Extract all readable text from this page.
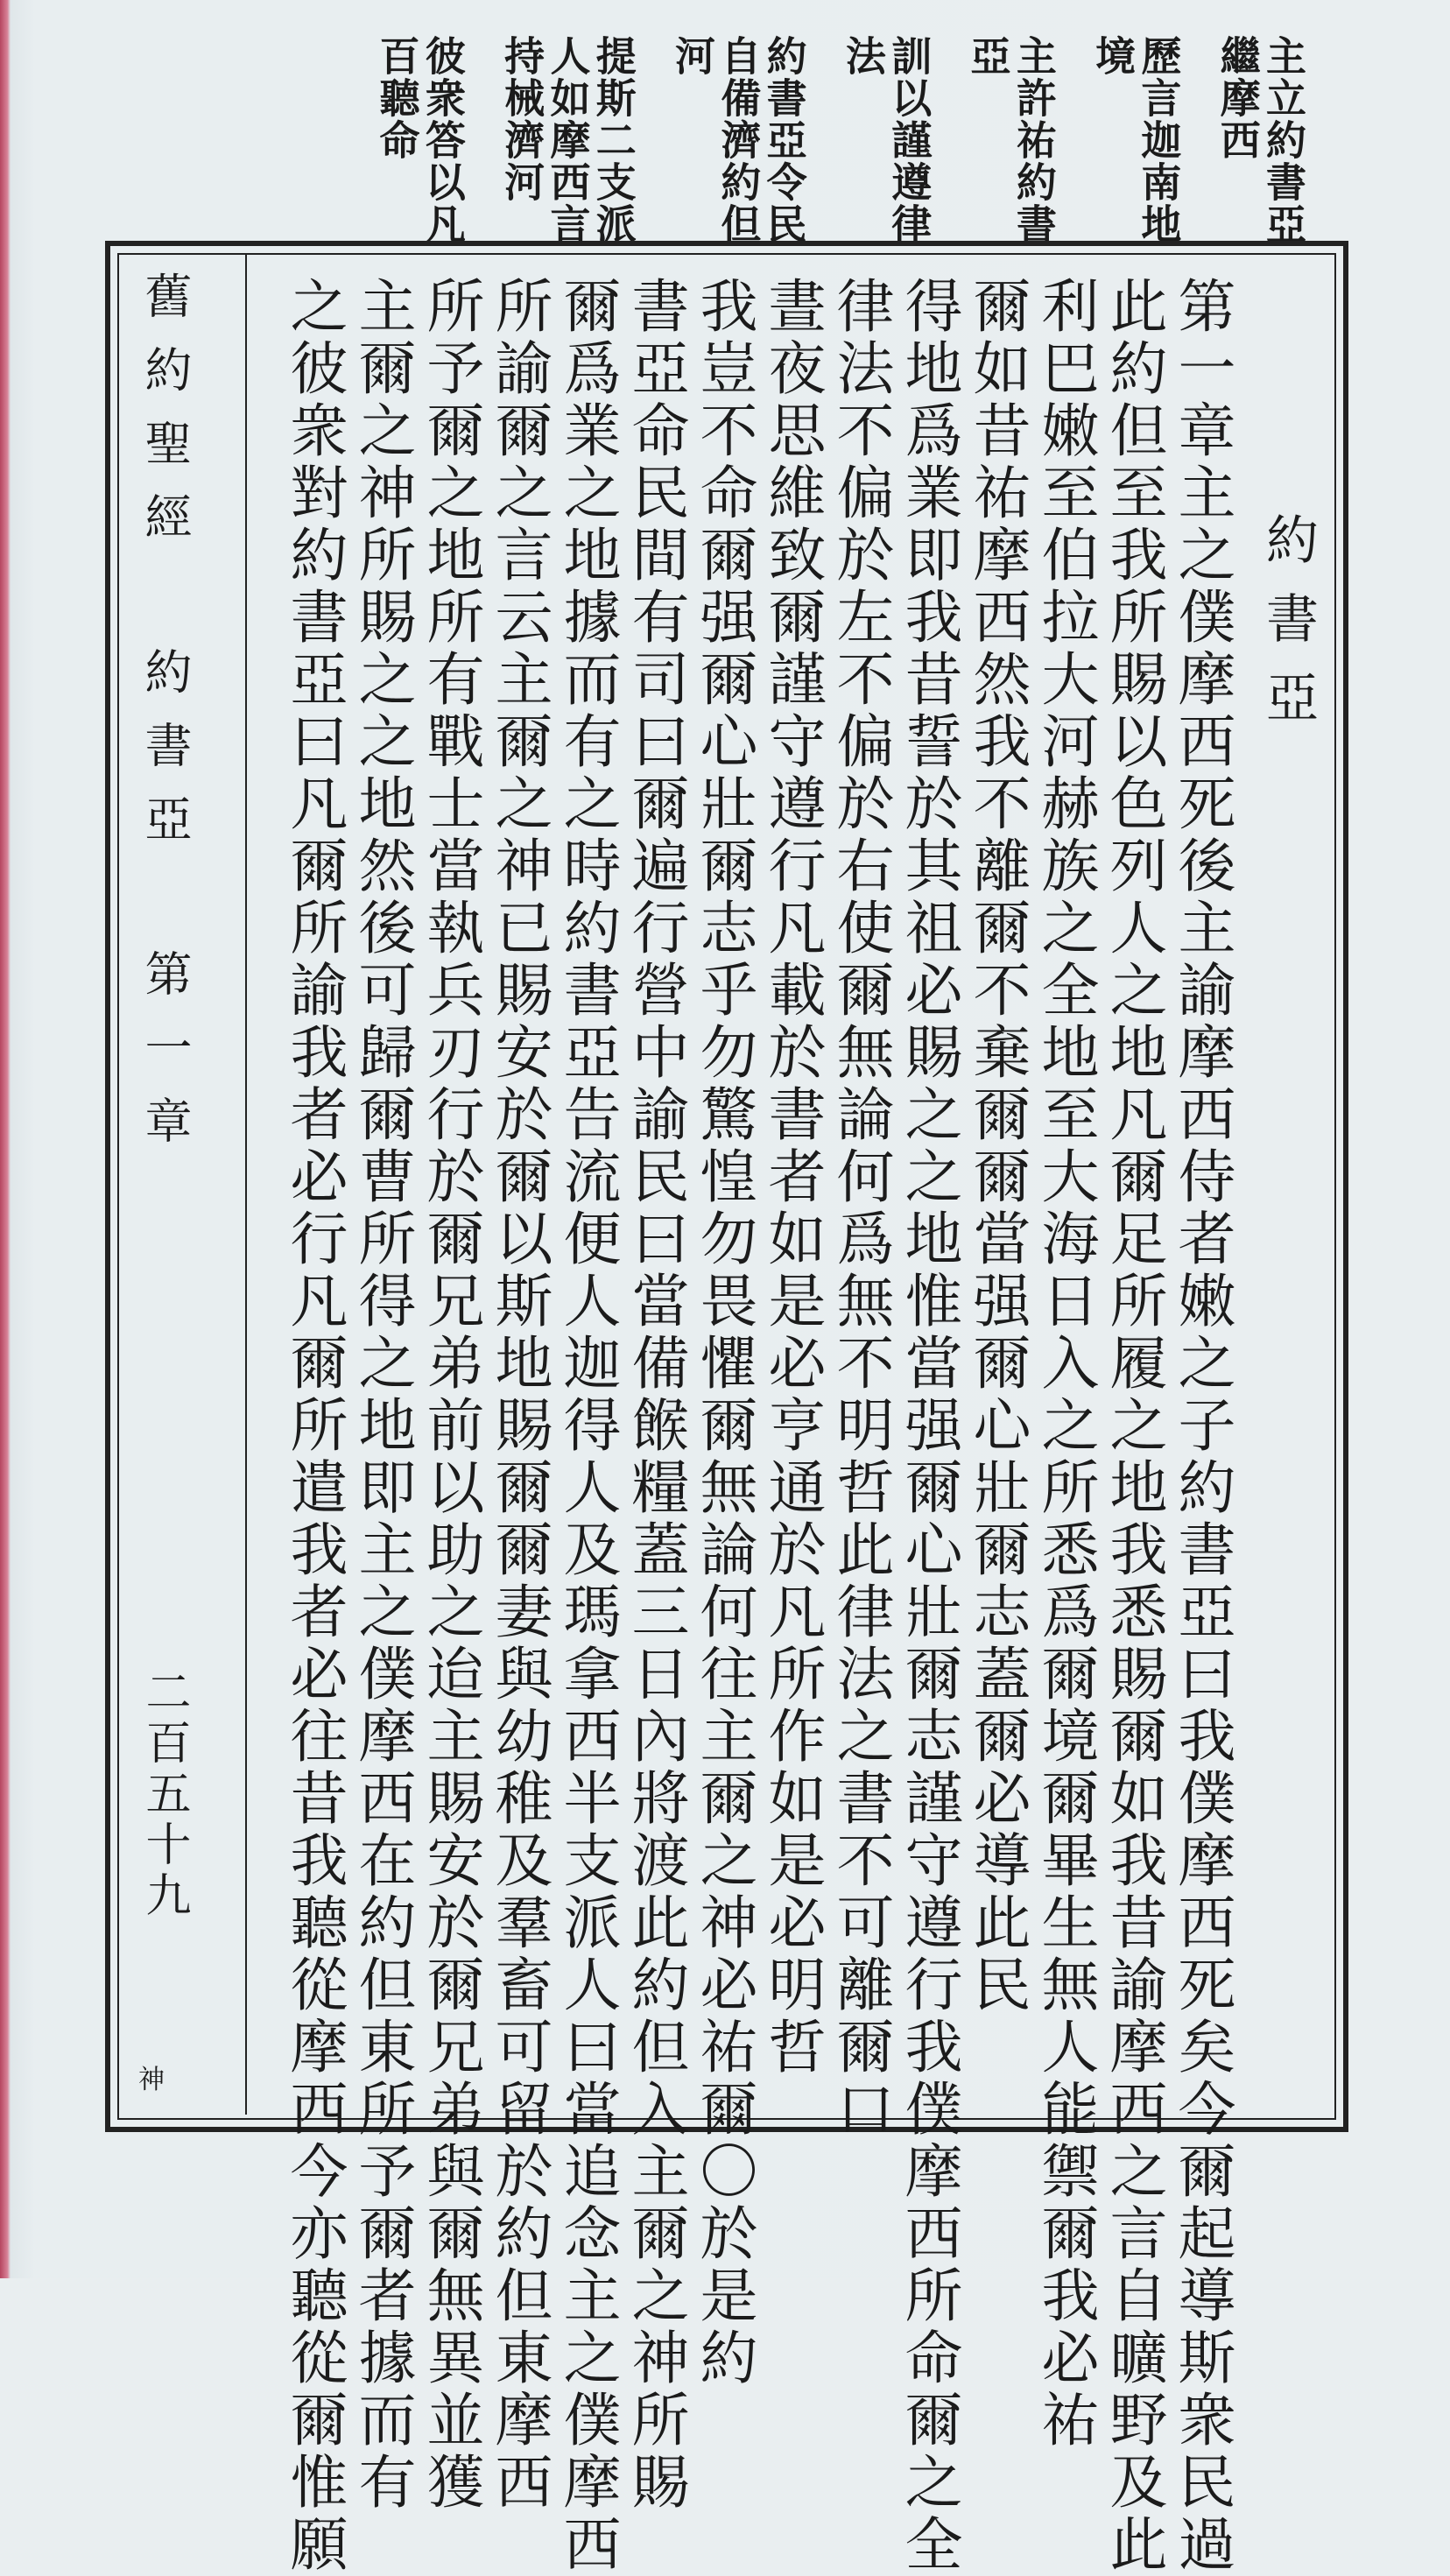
主立約書亞
繼摩西
歷言迦南地
境
主許祐約書
亞
訓以謹遵律
法
約書亞令民
自備濟約但
河
提斯二支派
人如摩西言
持械濟河
彼衆答以凡
百聽命
約書亞
第一章主之僕摩西死後主諭摩西侍者嫩之子約書亞曰我僕摩西死矣今爾起導斯衆民過
此約但至我所賜以色列人之地凡爾足所履之地我悉賜爾如我昔諭摩西之言自曠野及此
利巴嫩至伯拉大河赫族之全地至大海日入之所悉爲爾境爾畢生無人能禦爾我必祐
爾如昔祐摩西然我不離爾不棄爾爾當强爾心壯爾志蓋爾必導此民
得地爲業即我昔誓於其祖必賜之之地惟當强爾心壯爾志謹守遵行我僕摩西所命爾之全
律法不偏於左不偏於右使爾無論何爲無不明哲此律法之書不可離爾口
晝夜思維致爾謹守遵行凡載於書者如是必亨通於凡所作如是必明哲
我豈不命爾强爾心壯爾志乎勿驚惶勿畏懼爾無論何往主爾之神必祐爾〇於是約
書亞命民間有司曰爾遍行營中諭民曰當備餱糧蓋三日內將渡此約但入主爾之神所賜
爾爲業之地據而有之時約書亞告流便人迦得人及瑪拿西半支派人曰當追念主之僕摩西
所諭爾之言云主爾之神已賜安於爾以斯地賜爾爾妻與幼稚及羣畜可留於約但東摩西
所予爾之地所有戰士當執兵刃行於爾兄弟前以助之迨主賜安於爾兄弟與爾無異並獲
主爾之神所賜之之地然後可歸爾曹所得之地即主之僕摩西在約但東所予爾者據而有
之彼衆對約書亞曰凡爾所諭我者必行凡爾所遣我者必往昔我聽從摩西今亦聽從爾惟願
舊約聖經 約書亞 第一章
二百五十九
神
